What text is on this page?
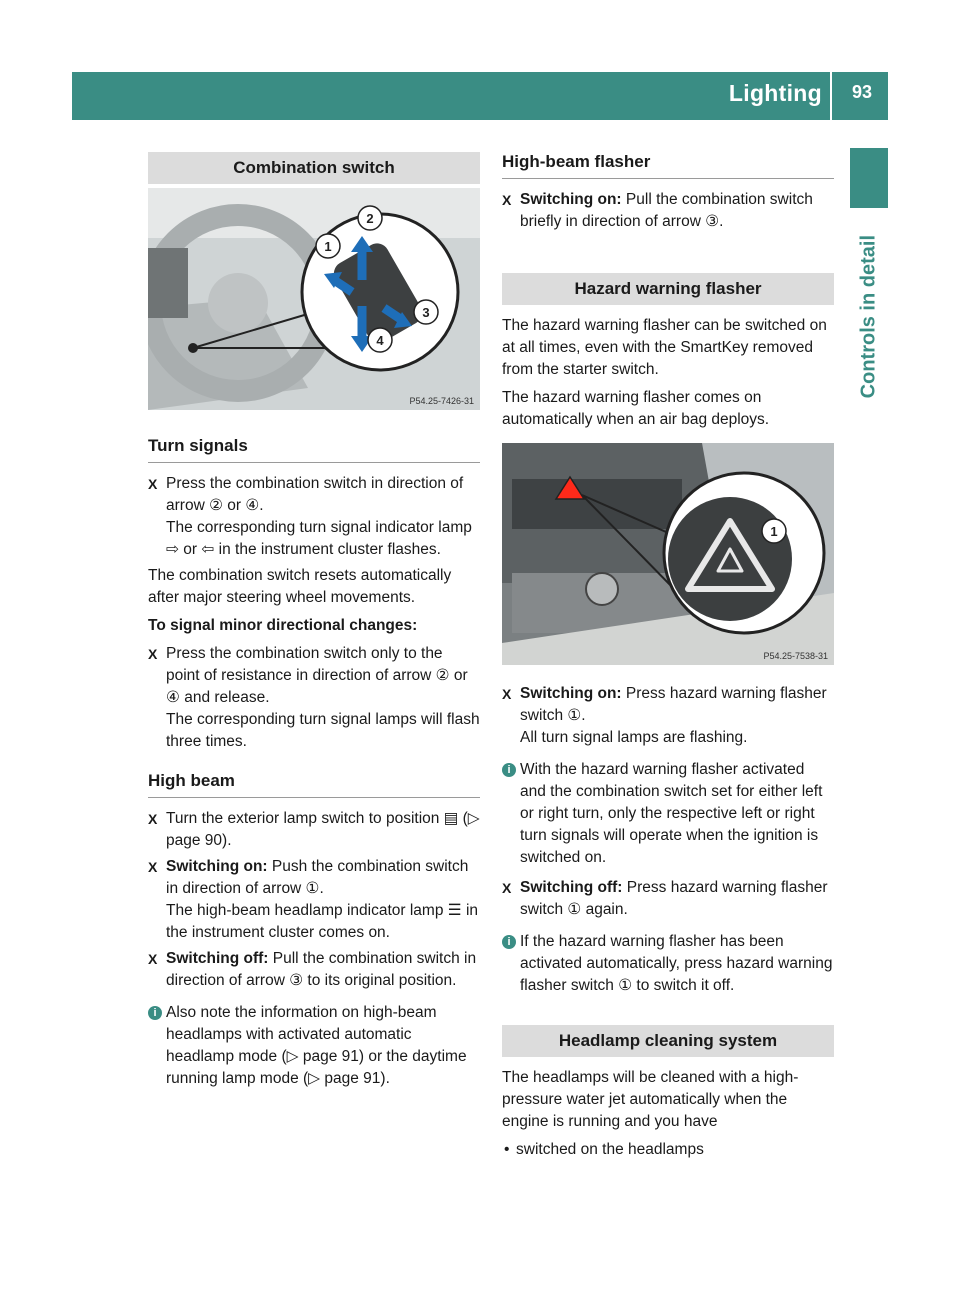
Lighting 93
Controls in detail
Combination switch
1
2
3
4
P54.25-7426-31
Turn signals
X Press the combination switch in direction of arrow ② or ④.

The corresponding turn signal indicator lamp ⇨ or ⇦ in the instrument cluster flashes.

The combination switch resets automatically after major steering wheel movements.

To signal minor directional changes:

X Press the combination switch only to the point of resistance in direction of arrow ② or ④ and release.

The corresponding turn signal lamps will flash three times.

High beam
X Turn the exterior lamp switch to position ▤ (▷ page 90).

X Switching on: Push the combination switch in direction of arrow ①.

The high-beam headlamp indicator lamp ☰ in the instrument cluster comes on.

X Switching off: Pull the combination switch in direction of arrow ③ to its original position.

i Also note the information on high-beam headlamps with activated automatic headlamp mode (▷ page 91) or the daytime running lamp mode (▷ page 91).

High-beam flasher
X Switching on: Pull the combination switch briefly in direction of arrow ③.

Hazard warning flasher

The hazard warning flasher can be switched on at all times, even with the SmartKey removed from the starter switch.

The hazard warning flasher comes on automatically when an air bag deploys.

1
P54.25-7538-31
X Switching on: Press hazard warning flasher switch ①.

All turn signal lamps are flashing.

i With the hazard warning flasher activated and the combination switch set for either left or right turn, only the respective left or right turn signals will operate when the ignition is switched on.

X Switching off: Press hazard warning flasher switch ① again.

i If the hazard warning flasher has been activated automatically, press hazard warning flasher switch ① to switch it off.

Headlamp cleaning system

The headlamps will be cleaned with a high-pressure water jet automatically when the engine is running and you have

• switched on the headlamps
